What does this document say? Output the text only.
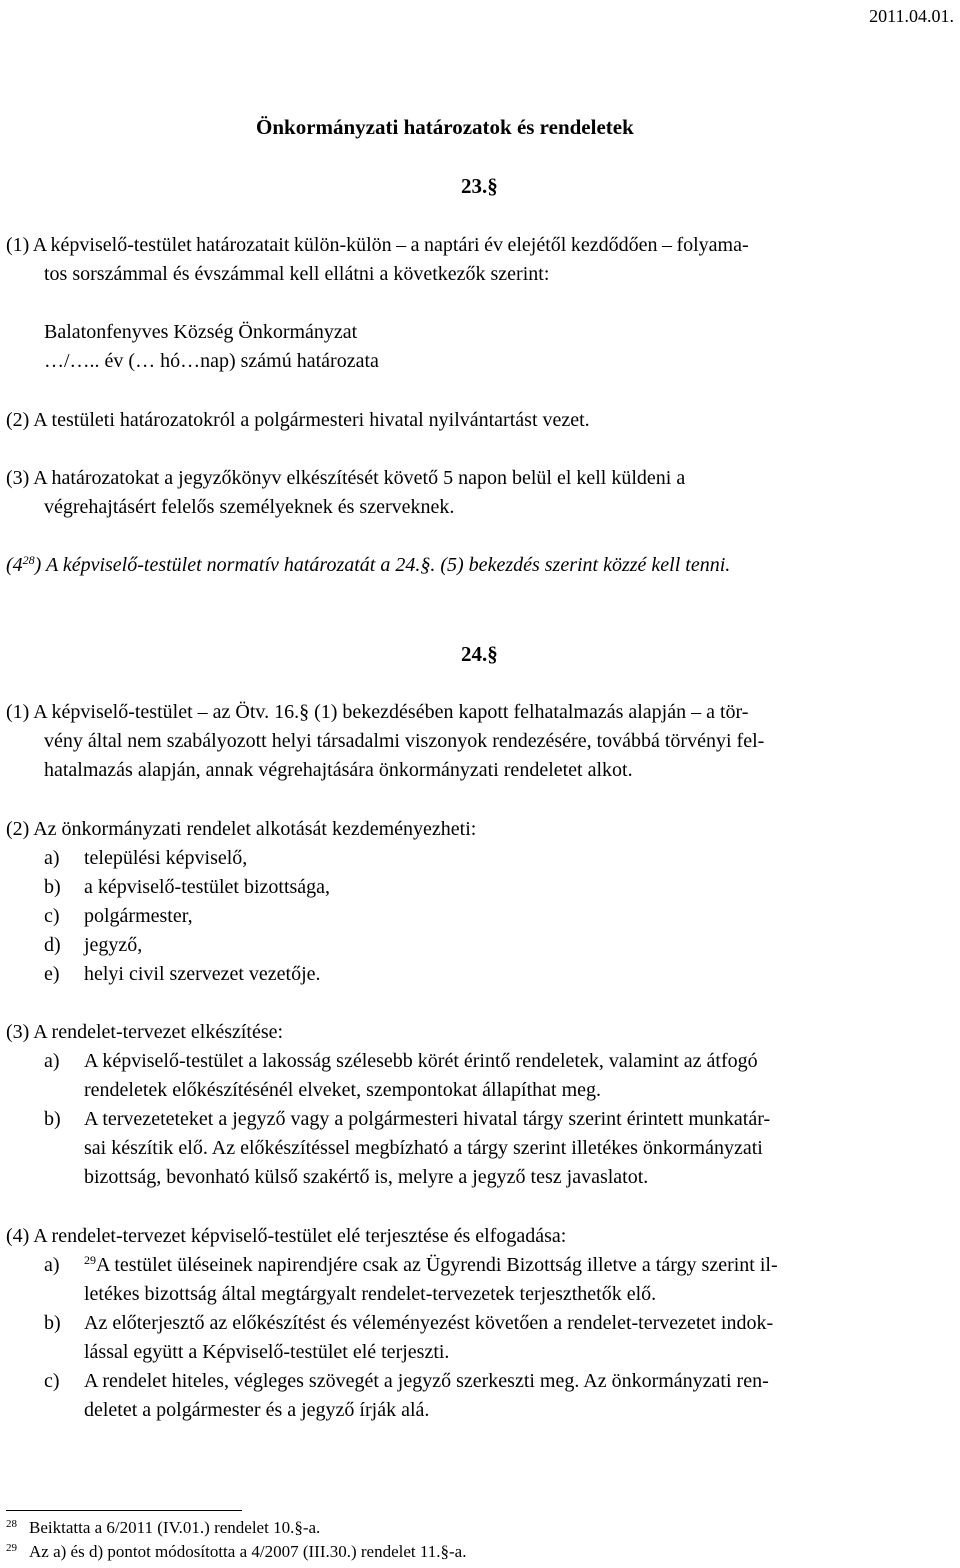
2011.04.01.
Önkormányzati határozatok és rendeletek
23.§
(1) A képviselő-testület határozatait külön-külön – a naptári év elejétől kezdődően – folyama-
tos sorszámmal és évszámmal kell ellátni a következők szerint:
Balatonfenyves Község Önkormányzat
…/….. év (… hó…nap) számú határozata
(2) A testületi határozatokról a polgármesteri hivatal nyilvántartást vezet.
(3) A határozatokat a jegyzőkönyv elkészítését követő 5 napon belül el kell küldeni a
végrehajtásért felelős személyeknek és szerveknek.
$(4^{28})$ A képviselő-testület normatív határozatát a 24.§. (5) bekezdés szerint közzé kell tenni.
24.§
(1) A képviselő-testület – az Ötv. 16.§ (1) bekezdésében kapott felhatalmazás alapján – a tör-
vény által nem szabályozott helyi társadalmi viszonyok rendezésére, továbbá törvényi fel-
hatalmazás alapján, annak végrehajtására önkormányzati rendeletet alkot.
(2) Az önkormányzati rendelet alkotását kezdeményezheti:
a) települési képviselő,
b) a képviselő-testület bizottsága,
c) polgármester,
d) jegyző,
e) helyi civil szervezet vezetője.
(3) A rendelet-tervezet elkészítése:
a) A képviselő-testület a lakosság szélesebb körét érintő rendeletek, valamint az átfogó
rendeletek előkészítésénél elveket, szempontokat állapíthat meg.
b) A tervezeteteket a jegyző vagy a polgármesteri hivatal tárgy szerint érintett munkatár-
sai készítik elő. Az előkészítéssel megbízható a tárgy szerint illetékes önkormányzati
bizottság, bevonható külső szakértő is, melyre a jegyző tesz javaslatot.
(4) A rendelet-tervezet képviselő-testület elé terjesztése és elfogadása:
a) $^{29}$A testület üléseinek napirendjére csak az Ügyrendi Bizottság illetve a tárgy szerint il-
letékes bizottság által megtárgyalt rendelet-tervezetek terjeszthetők elő.
b) Az előterjesztő az előkészítést és véleményezést követően a rendelet-tervezetet indok-
lással együtt a Képviselő-testület elé terjeszti.
c) A rendelet hiteles, végleges szövegét a jegyző szerkeszti meg. Az önkormányzati ren-
deletet a polgármester és a jegyző írják alá.
$^{28}$ Beiktatta a 6/2011 (IV.01.) rendelet 10.§-a.
$^{29}$ Az a) és d) pontot módosította a 4/2007 (III.30.) rendelet 11.§-a.
